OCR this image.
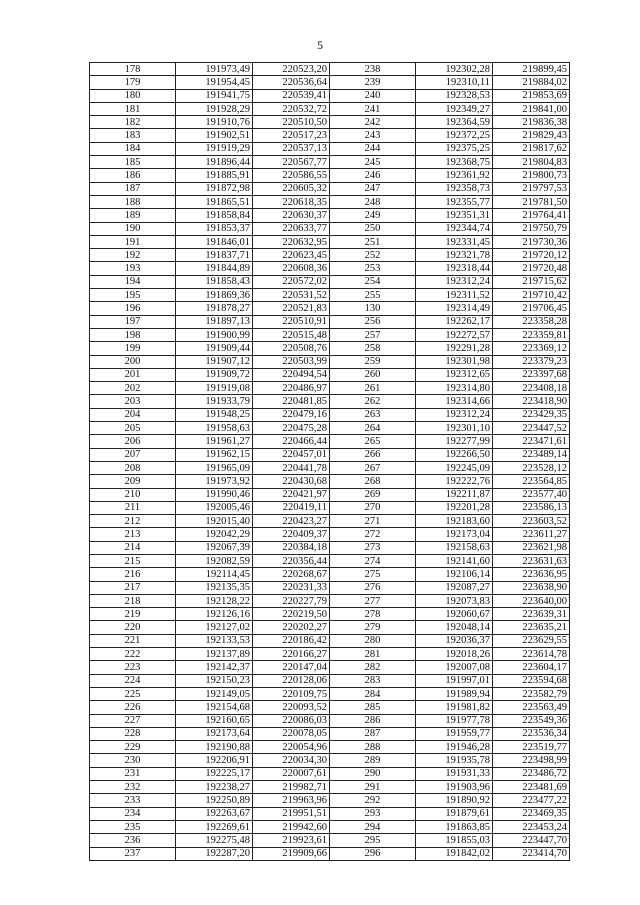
5
178	191973,49	220523,20	238	192302,28	219899,45
179	191954,45	220536,64	239	192310,11	219884,02
180	191941,75	220539,41	240	192328,53	219853,69
181	191928,29	220532,72	241	192349,27	219841,00
182	191910,76	220510,50	242	192364,59	219836,38
183	191902,51	220517,23	243	192372,25	219829,43
184	191919,29	220537,13	244	192375,25	219817,62
185	191896,44	220567,77	245	192368,75	219804,83
186	191885,91	220586,55	246	192361,92	219800,73
187	191872,98	220605,32	247	192358,73	219797,53
188	191865,51	220618,35	248	192355,77	219781,50
189	191858,84	220630,37	249	192351,31	219764,41
190	191853,37	220633,77	250	192344,74	219750,79
191	191846,01	220632,95	251	192331,45	219730,36
192	191837,71	220623,45	252	192321,78	219720,12
193	191844,89	220608,36	253	192318,44	219720,48
194	191858,43	220572,02	254	192312,24	219715,62
195	191869,36	220531,52	255	192311,52	219710,42
196	191878,27	220521,83	130	192314,49	219706,45
197	191897,13	220510,91	256	192262,17	223358,28
198	191900,99	220515,48	257	192272,57	223359,81
199	191909,44	220508,76	258	192291,28	223369,12
200	191907,12	220503,99	259	192301,98	223379,23
201	191909,72	220494,54	260	192312,65	223397,68
202	191919,08	220486,97	261	192314,80	223408,18
203	191933,79	220481,85	262	192314,66	223418,90
204	191948,25	220479,16	263	192312,24	223429,35
205	191958,63	220475,28	264	192301,10	223447,52
206	191961,27	220466,44	265	192277,99	223471,61
207	191962,15	220457,01	266	192266,50	223489,14
208	191965,09	220441,78	267	192245,09	223528,12
209	191973,92	220430,68	268	192222,76	223564,85
210	191990,46	220421,97	269	192211,87	223577,40
211	192005,46	220419,11	270	192201,28	223586,13
212	192015,40	220423,27	271	192183,60	223603,52
213	192042,29	220409,37	272	192173,04	223611,27
214	192067,39	220384,18	273	192158,63	223621,98
215	192082,59	220356,44	274	192141,60	223631,63
216	192114,45	220268,67	275	192106,14	223636,95
217	192135,35	220231,33	276	192087,27	223638,90
218	192128,22	220227,79	277	192073,83	223640,00
219	192126,16	220219,50	278	192060,67	223639,31
220	192127,02	220202,27	279	192048,14	223635,21
221	192133,53	220186,42	280	192036,37	223629,55
222	192137,89	220166,27	281	192018,26	223614,78
223	192142,37	220147,04	282	192007,08	223604,17
224	192150,23	220128,06	283	191997,01	223594,68
225	192149,05	220109,75	284	191989,94	223582,79
226	192154,68	220093,52	285	191981,82	223563,49
227	192160,65	220086,03	286	191977,78	223549,36
228	192173,64	220078,05	287	191959,77	223536,34
229	192190,88	220054,96	288	191946,28	223519,77
230	192206,91	220034,30	289	191935,78	223498,99
231	192225,17	220007,61	290	191931,33	223486,72
232	192238,27	219982,71	291	191903,96	223481,69
233	192250,89	219963,96	292	191890,92	223477,22
234	192263,67	219951,51	293	191879,61	223469,35
235	192269,61	219942,60	294	191863,85	223453,24
236	192275,48	219923,61	295	191855,03	223447,70
237	192287,20	219909,66	296	191842,02	223414,70
